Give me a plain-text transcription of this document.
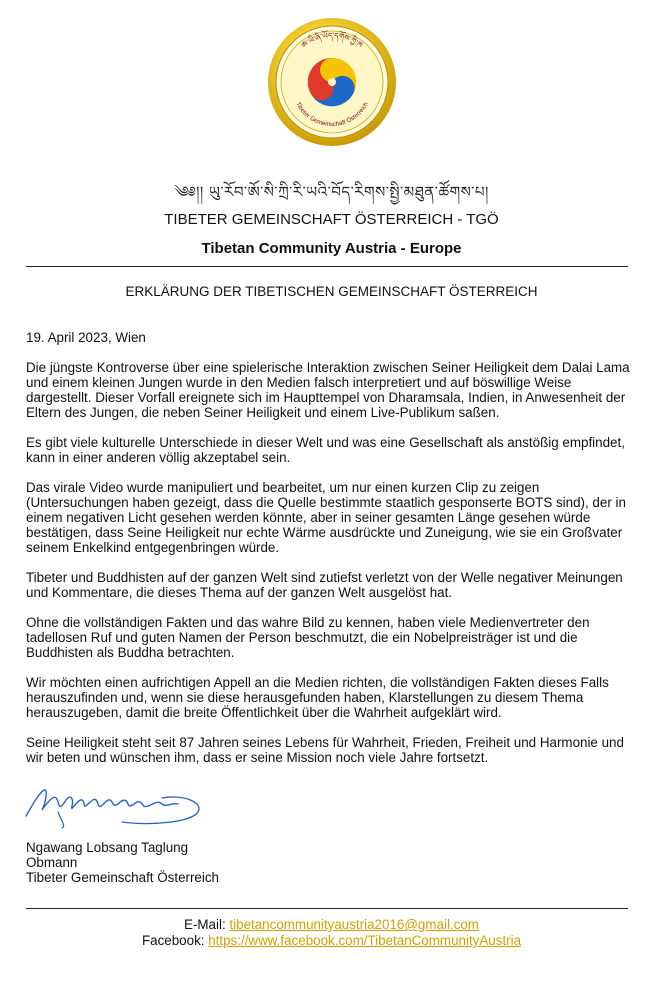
ཨ་ཡི་ཞི་ཡོད་དགོས་ཀྱི་ཁ
Tibeter Gemeinschaft Österreich
༄༅།། ཡུ་རོབ་ཨོ་སི་ཀྲི་རི་ཡའི་བོད་རིགས་སྤྱི་མཐུན་ཚོགས་པ།
TIBETER GEMEINSCHAFT ÖSTERREICH - TGÖ
Tibetan Community Austria - Europe
ERKLÄRUNG DER TIBETISCHEN GEMEINSCHAFT ÖSTERREICH

19. April 2023, Wien

Die jüngste Kontroverse über eine spielerische Interaktion zwischen Seiner Heiligkeit dem Dalai Lama und einem kleinen Jungen wurde in den Medien falsch interpretiert und auf böswillige Weise dargestellt. Dieser Vorfall ereignete sich im Haupttempel von Dharamsala, Indien, in Anwesenheit der Eltern des Jungen, die neben Seiner Heiligkeit und einem Live-Publikum saßen.

Es gibt viele kulturelle Unterschiede in dieser Welt und was eine Gesellschaft als anstößig empfindet, kann in einer anderen völlig akzeptabel sein.

Das virale Video wurde manipuliert und bearbeitet, um nur einen kurzen Clip zu zeigen (Untersuchungen haben gezeigt, dass die Quelle bestimmte staatlich gesponserte BOTS sind), der in einem negativen Licht gesehen werden könnte, aber in seiner gesamten Länge gesehen würde bestätigen, dass Seine Heiligkeit nur echte Wärme ausdrückte und Zuneigung, wie sie ein Großvater seinem Enkelkind entgegenbringen würde.

Tibeter und Buddhisten auf der ganzen Welt sind zutiefst verletzt von der Welle negativer Meinungen und Kommentare, die dieses Thema auf der ganzen Welt ausgelöst hat.

Ohne die vollständigen Fakten und das wahre Bild zu kennen, haben viele Medienvertreter den tadellosen Ruf und guten Namen der Person beschmutzt, die ein Nobelpreisträger ist und die Buddhisten als Buddha betrachten.

Wir möchten einen aufrichtigen Appell an die Medien richten, die vollständigen Fakten dieses Falls herauszufinden und, wenn sie diese herausgefunden haben, Klarstellungen zu diesem Thema herauszugeben, damit die breite Öffentlichkeit über die Wahrheit aufgeklärt wird.

Seine Heiligkeit steht seit 87 Jahren seines Lebens für Wahrheit, Frieden, Freiheit und Harmonie und wir beten und wünschen ihm, dass er seine Mission noch viele Jahre fortsetzt.

Ngawang Lobsang Taglung
Obmann
Tibeter Gemeinschaft Österreich
E-Mail: tibetancommunityaustria2016@gmail.com
Facebook: https://www.facebook.com/TibetanCommunityAustria
